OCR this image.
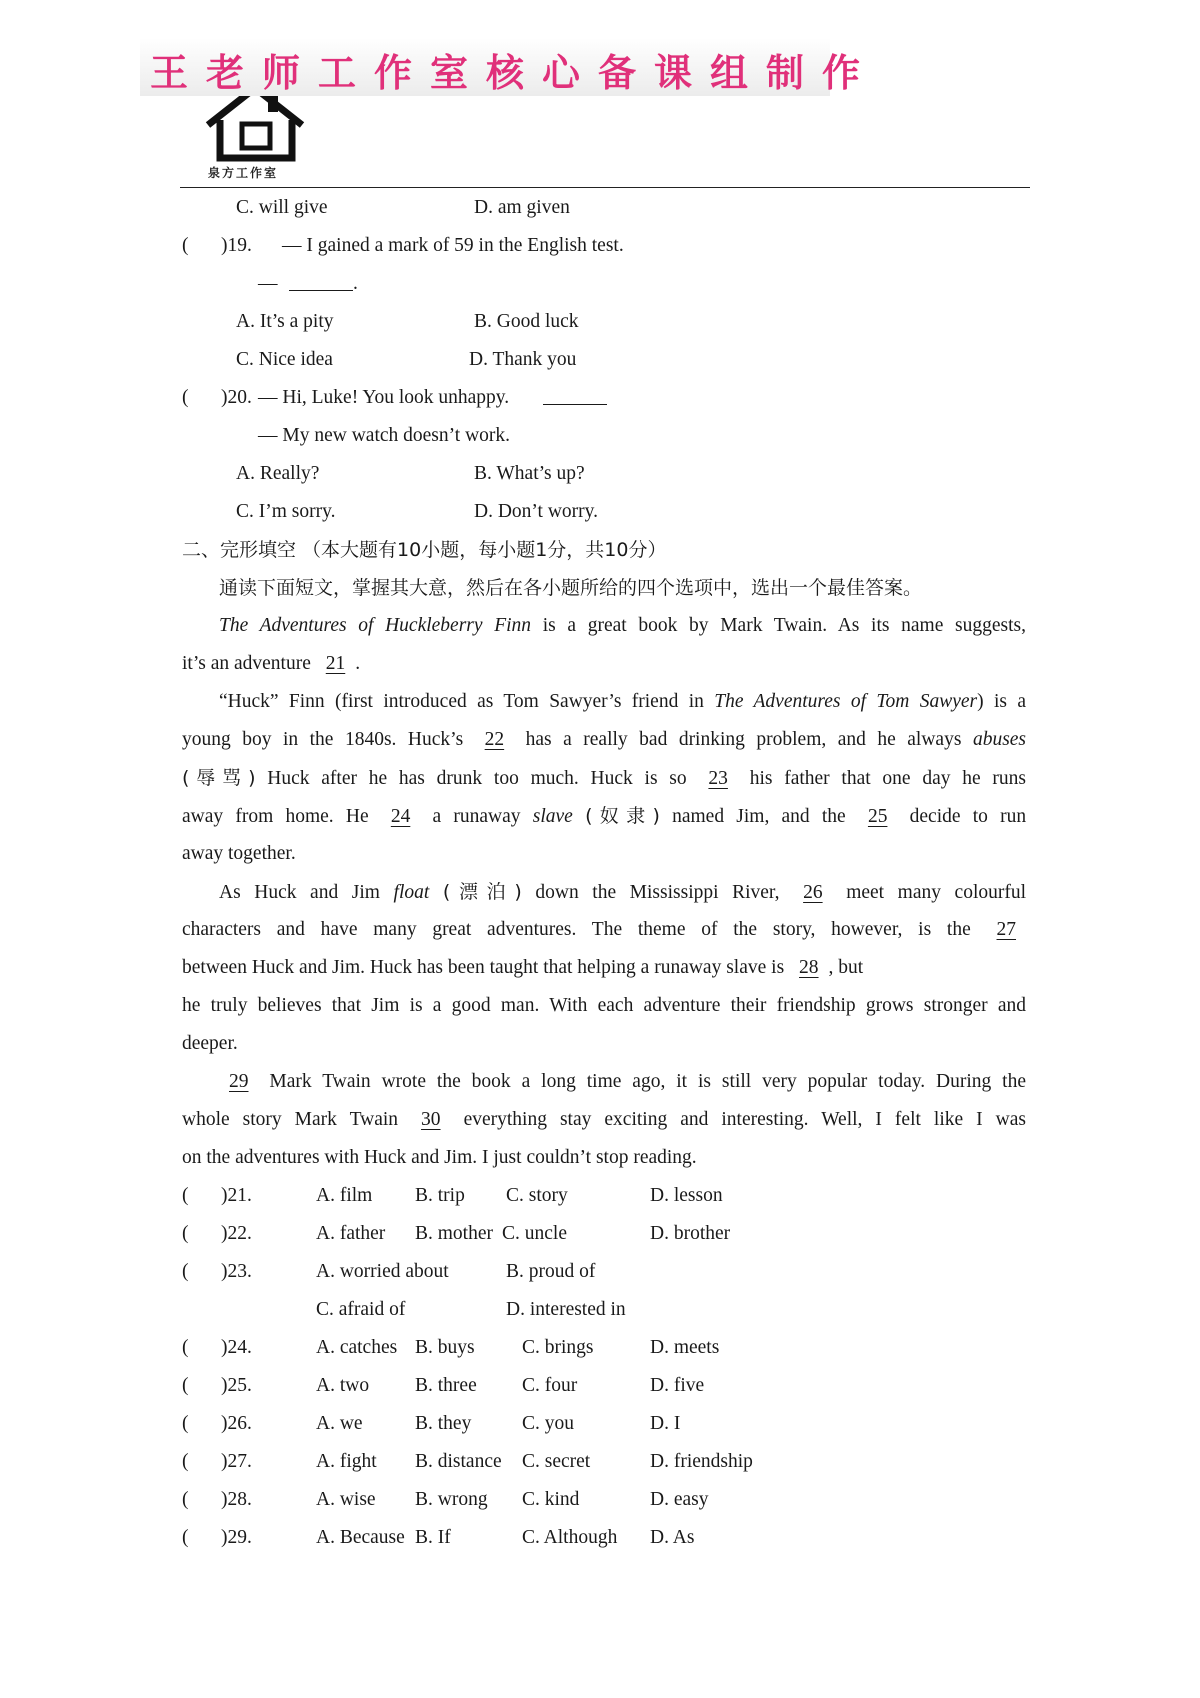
泉方工作室
王老师工作室核心备课组制作
C. will give	D. am given
( )19. — I gained a mark of 59 in the English test.
—	.
A. It’s a pity	B. Good luck
C. Nice idea	D. Thank you
( )20. — Hi, Luke! You look unhappy.
— My new watch doesn’t work.
A. Really?	B. What’s up?
C. I’m sorry.	D. Don’t worry.
二、完形填空 （本大题有10小题，每小题1分，共10分）
通读下面短文，掌握其大意，然后在各小题所给的四个选项中，选出一个最佳答案。
The Adventures of Huckleberry Finn is a great book by Mark Twain. As its name suggests,
it’s an adventure 21 .
“Huck” Finn (first introduced as Tom Sawyer’s friend in The Adventures of Tom Sawyer) is a
young boy in the 1840s. Huck’s 22 has a really bad drinking problem, and he always abuses
(辱骂) Huck after he has drunk too much. Huck is so 23 his father that one day he runs
away from home. He 24 a runaway slave (奴隶) named Jim, and the 25 decide to run
away together.
As Huck and Jim float (漂泊) down the Mississippi River, 26 meet many colourful
characters and have many great adventures. The theme of the story, however, is the 27
between Huck and Jim. Huck has been taught that helping a runaway slave is 28 , but
he truly believes that Jim is a good man. With each adventure their friendship grows stronger and
deeper.
29 Mark Twain wrote the book a long time ago, it is still very popular today. During the
whole story Mark Twain 30 everything stay exciting and interesting. Well, I felt like I was
on the adventures with Huck and Jim. I just couldn’t stop reading.
( )21.	A. film B. trip C. story	D. lesson
( )22.	A. father B. mother C. uncle	D. brother
( )23.	A. worried about	B. proud of
C. afraid of	D. interested in
( )24.	A. catches B. buys C. brings	D. meets
( )25.	A. two B. three C. four	D. five
( )26.	A. we	B. they	C. you	D. I
( )27.	A. fight B. distance C. secret	D. friendship
( )28.	A. wise B. wrong C. kind	D. easy
( )29.	A. Because B. If	C. Although D. As
